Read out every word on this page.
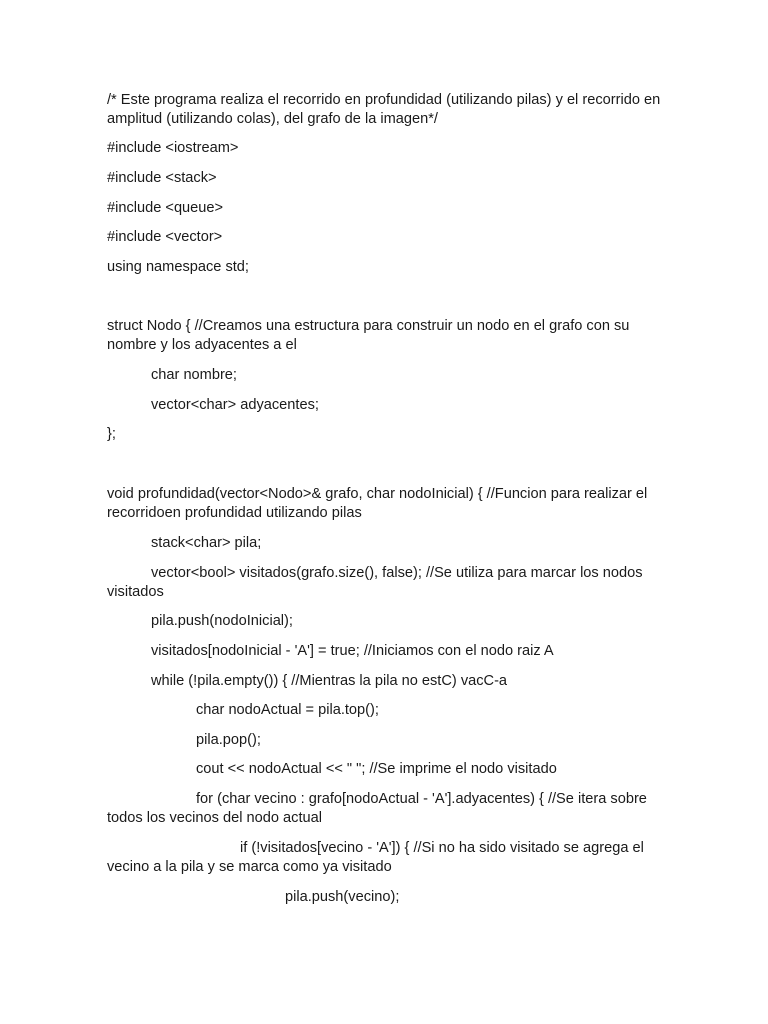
/* Este programa realiza el recorrido en profundidad (utilizando pilas) y el recorrido en amplitud (utilizando colas), del grafo de la imagen*/

#include <iostream>

#include <stack>

#include <queue>

#include <vector>

using namespace std;

struct Nodo { //Creamos una estructura para construir un nodo en el grafo con su nombre y los adyacentes a el

char nombre;

vector<char> adyacentes;

};

void profundidad(vector<Nodo>& grafo, char nodoInicial) { //Funcion para realizar el recorridoen profundidad utilizando pilas

stack<char> pila;

vector<bool> visitados(grafo.size(), false); //Se utiliza para marcar los nodos visitados

pila.push(nodoInicial);

visitados[nodoInicial - 'A'] = true; //Iniciamos con el nodo raiz A

while (!pila.empty()) { //Mientras la pila no estC) vacC-a

char nodoActual = pila.top();

pila.pop();

cout << nodoActual << " "; //Se imprime el nodo visitado

for (char vecino : grafo[nodoActual - 'A'].adyacentes) { //Se itera sobre todos los vecinos del nodo actual

if (!visitados[vecino - 'A']) { //Si no ha sido visitado se agrega el vecino a la pila y se marca como ya visitado

pila.push(vecino);
